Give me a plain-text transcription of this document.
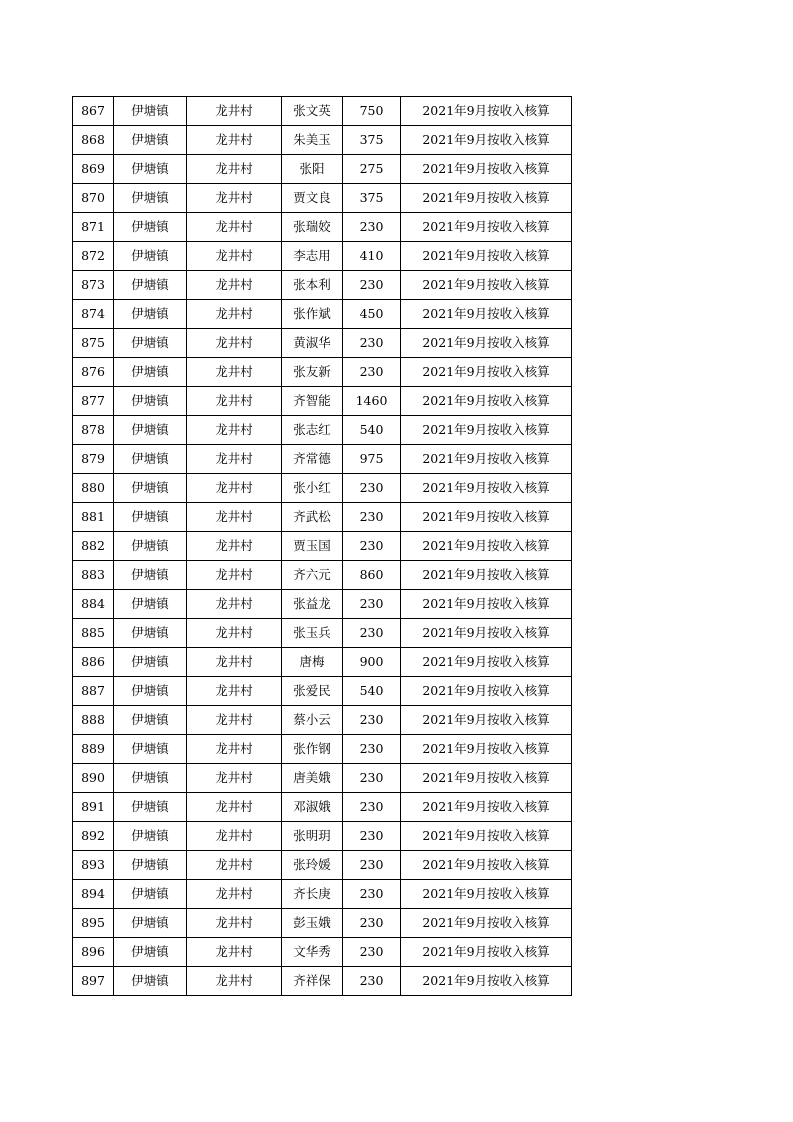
867	伊塘镇	龙井村	张文英	750	2021年9月按收入核算
868	伊塘镇	龙井村	朱美玉	375	2021年9月按收入核算
869	伊塘镇	龙井村	张阳	275	2021年9月按收入核算
870	伊塘镇	龙井村	贾文良	375	2021年9月按收入核算
871	伊塘镇	龙井村	张瑞姣	230	2021年9月按收入核算
872	伊塘镇	龙井村	李志用	410	2021年9月按收入核算
873	伊塘镇	龙井村	张本利	230	2021年9月按收入核算
874	伊塘镇	龙井村	张作斌	450	2021年9月按收入核算
875	伊塘镇	龙井村	黄淑华	230	2021年9月按收入核算
876	伊塘镇	龙井村	张友新	230	2021年9月按收入核算
877	伊塘镇	龙井村	齐智能	1460	2021年9月按收入核算
878	伊塘镇	龙井村	张志红	540	2021年9月按收入核算
879	伊塘镇	龙井村	齐常德	975	2021年9月按收入核算
880	伊塘镇	龙井村	张小红	230	2021年9月按收入核算
881	伊塘镇	龙井村	齐武松	230	2021年9月按收入核算
882	伊塘镇	龙井村	贾玉国	230	2021年9月按收入核算
883	伊塘镇	龙井村	齐六元	860	2021年9月按收入核算
884	伊塘镇	龙井村	张益龙	230	2021年9月按收入核算
885	伊塘镇	龙井村	张玉兵	230	2021年9月按收入核算
886	伊塘镇	龙井村	唐梅	900	2021年9月按收入核算
887	伊塘镇	龙井村	张爱民	540	2021年9月按收入核算
888	伊塘镇	龙井村	蔡小云	230	2021年9月按收入核算
889	伊塘镇	龙井村	张作钢	230	2021年9月按收入核算
890	伊塘镇	龙井村	唐美娥	230	2021年9月按收入核算
891	伊塘镇	龙井村	邓淑娥	230	2021年9月按收入核算
892	伊塘镇	龙井村	张明玥	230	2021年9月按收入核算
893	伊塘镇	龙井村	张玲媛	230	2021年9月按收入核算
894	伊塘镇	龙井村	齐长庚	230	2021年9月按收入核算
895	伊塘镇	龙井村	彭玉娥	230	2021年9月按收入核算
896	伊塘镇	龙井村	文华秀	230	2021年9月按收入核算
897	伊塘镇	龙井村	齐祥保	230	2021年9月按收入核算
